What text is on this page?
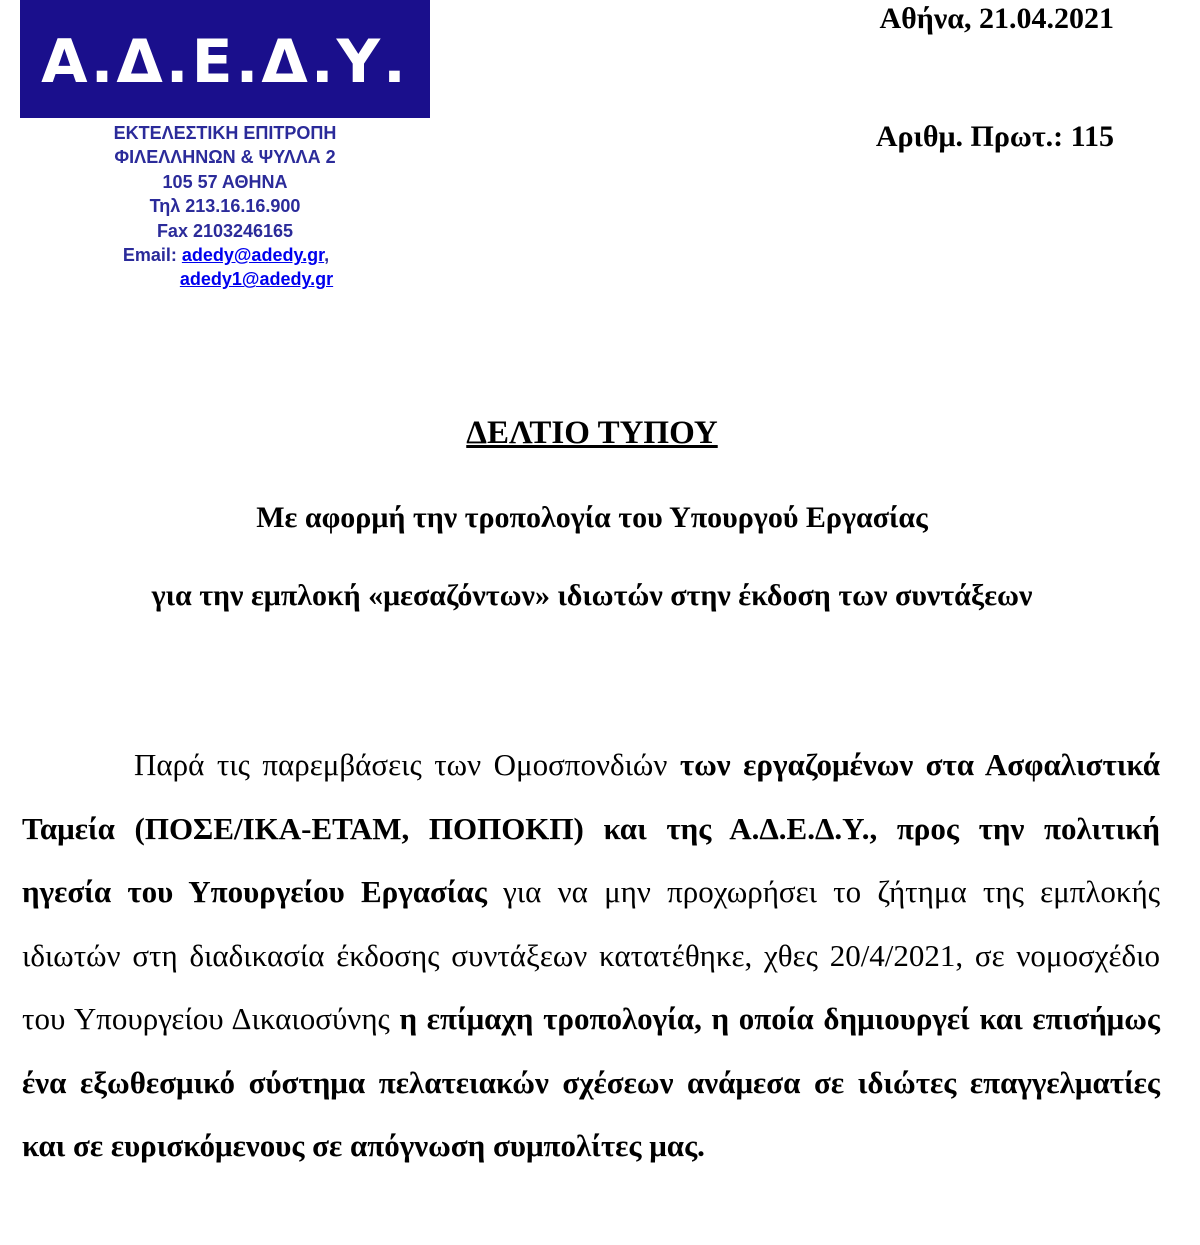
Α.Δ.Ε.Δ.Υ.
ΕΚΤΕΛΕΣΤΙΚΗ ΕΠΙΤΡΟΠΗ
ΦΙΛΕΛΛΗΝΩΝ & ΨΥΛΛΑ 2
105 57 ΑΘΗΝΑ
Τηλ 213.16.16.900
Fax 2103246165
Email: adedy@adedy.gr,
adedy1@adedy.gr
Αθήνα, 21.04.2021
Αριθμ. Πρωτ.: 115
ΔΕΛΤΙΟ ΤΥΠΟΥ
Με αφορμή την τροπολογία του Υπουργού Εργασίας
για την εμπλοκή «μεσαζόντων» ιδιωτών στην έκδοση των συντάξεων

Παρά τις παρεμβάσεις των Ομοσπονδιών των εργαζομένων στα Ασφαλιστικά Ταμεία (ΠΟΣΕ/ΙΚΑ-ΕΤΑΜ, ΠΟΠΟΚΠ) και της Α.Δ.Ε.Δ.Υ., προς την πολιτική ηγεσία του Υπουργείου Εργασίας για να μην προχωρήσει το ζήτημα της εμπλοκής ιδιωτών στη διαδικασία έκδοσης συντάξεων κατατέθηκε, χθες 20/4/2021, σε νομοσχέδιο του Υπουργείου Δικαιοσύνης η επίμαχη τροπολογία, η οποία δημιουργεί και επισήμως ένα εξωθεσμικό σύστημα πελατειακών σχέσεων ανάμεσα σε ιδιώτες επαγγελματίες και σε ευρισκόμενους σε απόγνωση συμπολίτες μας.
